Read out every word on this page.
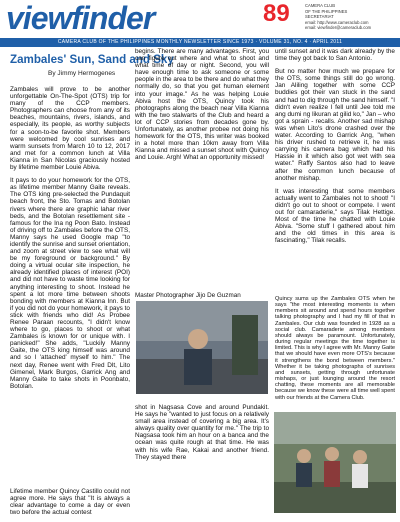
viewfinder	89	CAMERA CLUB
OF THE PHILIPPINES
SECRETARIAT
email: http://www.cameraclub.com
email: viewfinder@cameraclub.com
CAMERA CLUB OF THE PHILIPPINES MONTHLY NEWSLETTER SINCE 1973 · VOLUME 31, NO. 4 · APRIL 2011
Zambales' Sun, Sand and Sky
By Jimmy Hermogenes

Zambales will prove to be another unforgettable On-The-Spot (OTS) trip for many of the CCP members. Photographers can choose from any of its beaches, mountains, rivers, islands, and especially, its people, as worthy subjects for a soon-to-be favorite shot. Members were welcomed by cool sunrises and warm sunsets from March 10 to 12, 2017 and met for a common lunch at Villa Kianna in San Nicolas graciously hosted by lifetime member Louie Abiva.

It pays to do your homework for the OTS, as lifetime member Manny Gaite reveals. The OTS king pre-selected the Pundaquit beach front, the Sto. Tomas and Botolan rivers where there are graphic lahar river beds, and the Botolan resettlement site - famous for the Ina ng Poon Bato. Instead of driving off to Zambales before the OTS, Manny says he used Google map "to identify the sunrise and sunset orientation, and zoom at street view to see what will be my foreground or background." By doing a virtual ocular site inspection, he already identified places of interest (POI) and did not have to waste time looking for anything interesting to shoot. Instead he spent a lot more time between shoots bonding with members at Kianna Inn. But if you did not do your homework, it pays to stick with friends who did! As Probee Renee Paraan recounts, "I didn't know where to go, places to shoot or what Zambales is known for or unique with. I panicked!" She adds, "Luckily Manny Gaite, the OTS king himself was around and so I 'attached' myself to him." The next day, Renee went with Fred Dlt, Lito Gimenel, Mark Burgos, Garrick Ang and Manny Gaite to take shots in Poonbato, Botolan.

Lifetime member Quincy Castillo could not agree more. He says that "It is always a clear advantage to come a day or even two before the actual contest

begins. There are many advantages. First, you can figure out where and what to shoot and what time of day or night. Second, you will have enough time to ask someone or some people in the area to be there and do what they normally do, so that you get human element into your image." As he was helping Louie Abiva host the OTS, Quincy took his photographs along the beach near Villa Kianna with the two stalwarts of the Club and heard a lot of CCP stories from decades gone by. Unfortunately, as another probee not doing his homework for the OTS, this writer was booked in a hotel more than 10km away from Villa Kianna and missed a sunset shoot with Quincy and Louie. Argh! What an opportunity missed!

Master Photographer Jijo De Guzman

shot in Nagsasa Cove and around Pundakit. He says he "wanted to just focus on a relatively small area instead of covering a big area. It's always quality over quantity for me." The trip to Nagsasa took him an hour on a banca and the ocean was quite rough at that time. He was with his wife Rae, Kakai and another friend. They stayed there

until sunset and it was dark already by the time they got back to San Antonio.

But no matter how much we prepare for the OTS, some things still do go wrong. Jan Aliling together with some CCP buddies got their van stuck in the sand and had to dig through the sand himself. "I didn't even realize I fell until Jee told me ang dumi ng likuran at gilid ko," Jan – who got a sprain - recalls. Another sad mishap was when Lito's drone crashed over the water. According to Garrick Ang, "when his driver rushed to retrieve it, he was carrying his camera bag which had his Hassie in it which also got wet with sea water." Raffy Santos also had to leave after the common lunch because of another mishap.

It was interesting that some members actually went to Zambales not to shoot! "I didn't go out to shoot or compete. I went out for camaraderie," says Tilak Hettige. Most of the time he chatted with Louie Abiva. "Some stuff I gathered about him and the old times in this area is fascinating," Tilak recalls.

Quincy sums up the Zambales OTS when he says "the most interesting moments is when members sit around and spend hours together talking photography and I had my fill of that in Zambales. Our club was founded in 1928 as a social club. Camaraderie among members should always be paramount. Unfortunately, during regular meetings the time together is limited. This is why I agree with Mr. Manny Gaite that we should have even more OTS's because it strengthens the bond between members." Whether it be taking photographs of sunrises and sunsets, getting through unfortunate mishaps, or just lounging around the resort chatting, these moments are all memorable because we know these were all time well spent with our friends at the Camera Club.
